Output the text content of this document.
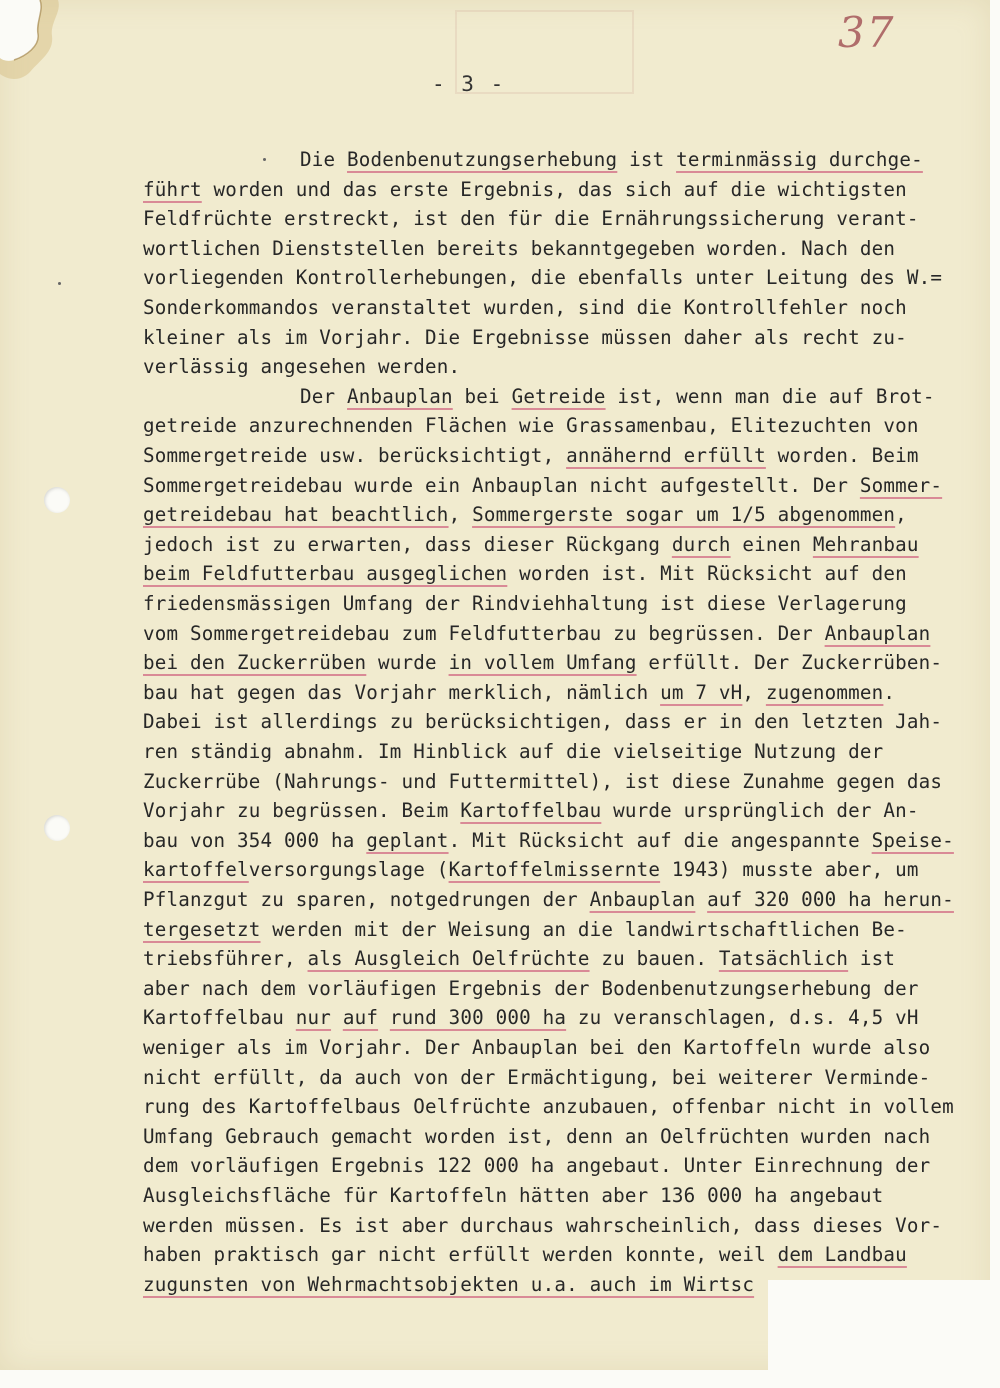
37
- 3 -
Die Bodenbenutzungserhebung ist terminmässig durchge-
führt worden und das erste Ergebnis, das sich auf die wichtigsten
Feldfrüchte erstreckt, ist den für die Ernährungssicherung verant-
wortlichen Dienststellen bereits bekanntgegeben worden. Nach den
vorliegenden Kontrollerhebungen, die ebenfalls unter Leitung des W.=
Sonderkommandos veranstaltet wurden, sind die Kontrollfehler noch
kleiner als im Vorjahr. Die Ergebnisse müssen daher als recht zu-
verlässig angesehen werden.
Der Anbauplan bei Getreide ist, wenn man die auf Brot-
getreide anzurechnenden Flächen wie Grassamenbau, Elitezuchten von
Sommergetreide usw. berücksichtigt, annähernd erfüllt worden. Beim
Sommergetreidebau wurde ein Anbauplan nicht aufgestellt. Der Sommer-
getreidebau hat beachtlich, Sommergerste sogar um 1/5 abgenommen,
jedoch ist zu erwarten, dass dieser Rückgang durch einen Mehranbau
beim Feldfutterbau ausgeglichen worden ist. Mit Rücksicht auf den
friedensmässigen Umfang der Rindviehhaltung ist diese Verlagerung
vom Sommergetreidebau zum Feldfutterbau zu begrüssen. Der Anbauplan
bei den Zuckerrüben wurde in vollem Umfang erfüllt. Der Zuckerrüben-
bau hat gegen das Vorjahr merklich, nämlich um 7 vH, zugenommen.
Dabei ist allerdings zu berücksichtigen, dass er in den letzten Jah-
ren ständig abnahm. Im Hinblick auf die vielseitige Nutzung der
Zuckerrübe (Nahrungs- und Futtermittel), ist diese Zunahme gegen das
Vorjahr zu begrüssen. Beim Kartoffelbau wurde ursprünglich der An-
bau von 354 000 ha geplant. Mit Rücksicht auf die angespannte Speise-
kartoffelversorgungslage (Kartoffelmissernte 1943) musste aber, um
Pflanzgut zu sparen, notgedrungen der Anbauplan auf 320 000 ha herun-
tergesetzt werden mit der Weisung an die landwirtschaftlichen Be-
triebsführer, als Ausgleich Oelfrüchte zu bauen. Tatsächlich ist
aber nach dem vorläufigen Ergebnis der Bodenbenutzungserhebung der
Kartoffelbau nur auf rund 300 000 ha zu veranschlagen, d.s. 4,5 vH
weniger als im Vorjahr. Der Anbauplan bei den Kartoffeln wurde also
nicht erfüllt, da auch von der Ermächtigung, bei weiterer Verminde-
rung des Kartoffelbaus Oelfrüchte anzubauen, offenbar nicht in vollem
Umfang Gebrauch gemacht worden ist, denn an Oelfrüchten wurden nach
dem vorläufigen Ergebnis 122 000 ha angebaut. Unter Einrechnung der
Ausgleichsfläche für Kartoffeln hätten aber 136 000 ha angebaut
werden müssen. Es ist aber durchaus wahrscheinlich, dass dieses Vor-
haben praktisch gar nicht erfüllt werden konnte, weil dem Landbau
zugunsten von Wehrmachtsobjekten u.a. auch im Wirtsc
